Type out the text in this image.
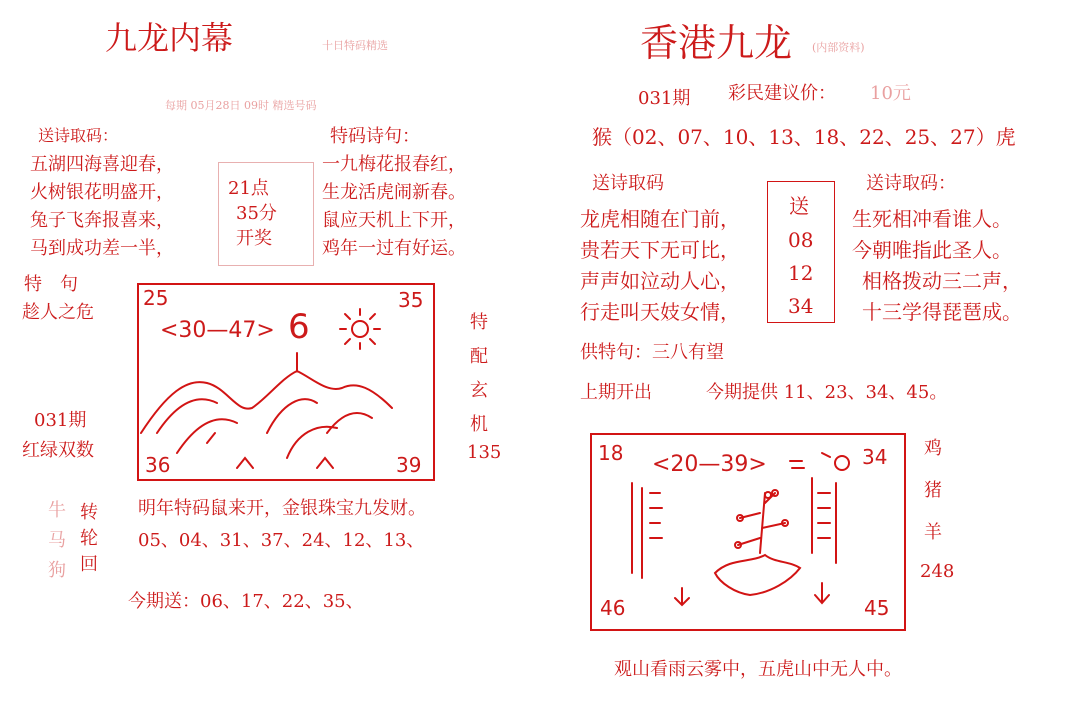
九龙内幕	十日特码精选
每期 05月28日 09时 精选号码
送诗取码：	特码诗句：
五湖四海喜迎春，
火树银花明盛开，
兔子飞奔报喜来，
马到成功差一半，
21点
35分
开奖
一九梅花报春红，
生龙活虎闹新春。
鼠应天机上下开，
鸡年一过有好运。
特　句
趁人之危
031期
红绿双数
25	35
36	39
<30—47> 6	特
配
玄
机
135
牛
马
狗
转
轮
回
明年特码鼠来开，金银珠宝九发财。
05、04、31、37、24、12、13、
今期送：06、17、22、35、
香港九龙 (内部资料)
031期 彩民建议价： 10元
猴（02、07、10、13、18、22、25、27）虎
送诗取码	送诗取码：
龙虎相随在门前，
贵若天下无可比，
声声如泣动人心，
行走叫天妓女情，
送
08
12
34
生死相冲看谁人。
今朝唯指此圣人。
相格拨动三二声，
十三学得琵琶成。
供特句：三八有望
上期开出	今期提供 11、23、34、45。
18	34
46	45
<20—39>
鸡
猪
羊
248
观山看雨云雾中，五虎山中无人中。
